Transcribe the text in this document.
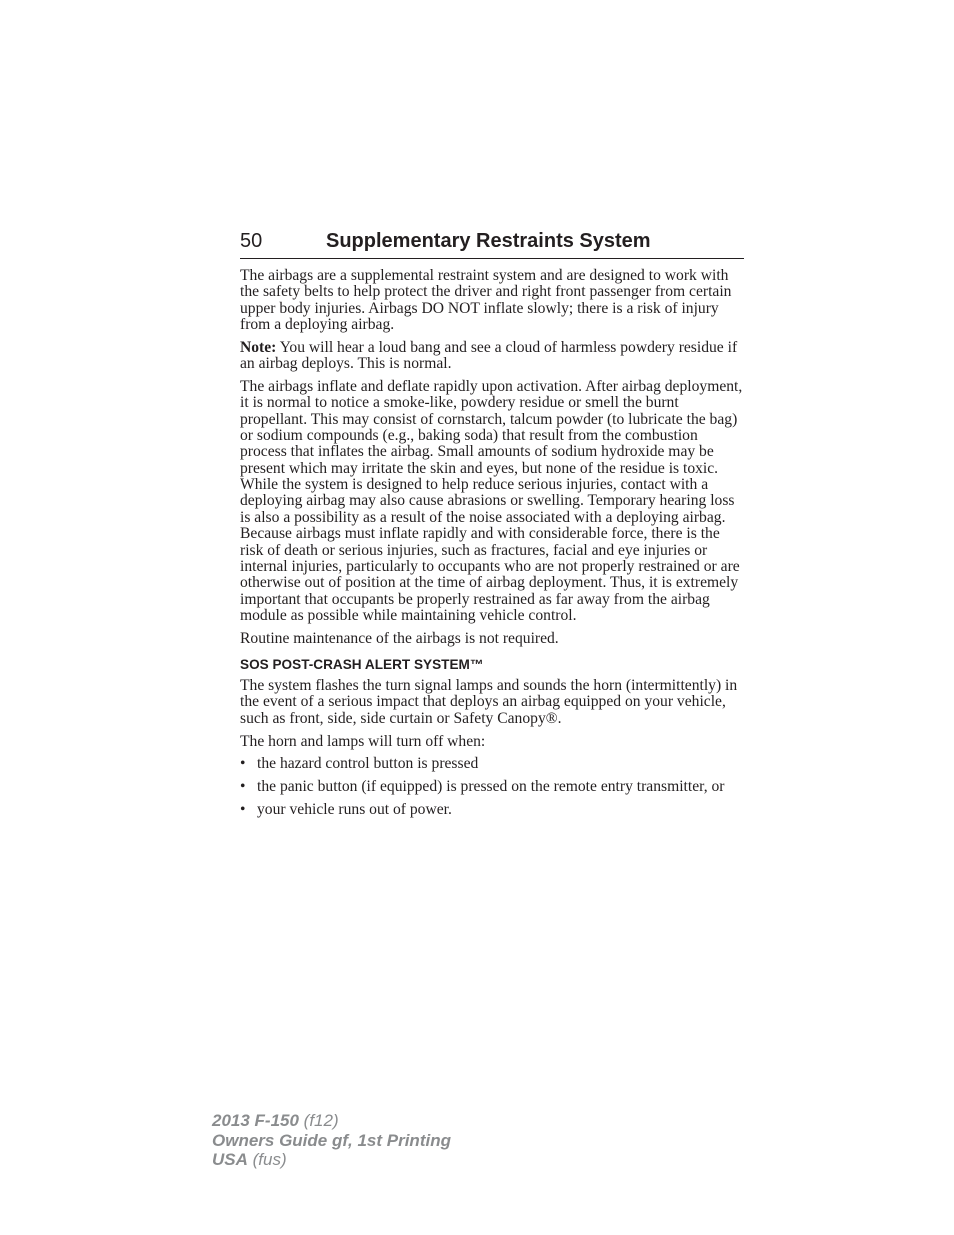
50	Supplementary Restraints System

The airbags are a supplemental restraint system and are designed to work with the safety belts to help protect the driver and right front passenger from certain upper body injuries. Airbags DO NOT inflate slowly; there is a risk of injury from a deploying airbag.

Note: You will hear a loud bang and see a cloud of harmless powdery residue if an airbag deploys. This is normal.

The airbags inflate and deflate rapidly upon activation. After airbag deployment, it is normal to notice a smoke-like, powdery residue or smell the burnt propellant. This may consist of cornstarch, talcum powder (to lubricate the bag) or sodium compounds (e.g., baking soda) that result from the combustion process that inflates the airbag. Small amounts of sodium hydroxide may be present which may irritate the skin and eyes, but none of the residue is toxic. While the system is designed to help reduce serious injuries, contact with a deploying airbag may also cause abrasions or swelling. Temporary hearing loss is also a possibility as a result of the noise associated with a deploying airbag. Because airbags must inflate rapidly and with considerable force, there is the risk of death or serious injuries, such as fractures, facial and eye injuries or internal injuries, particularly to occupants who are not properly restrained or are otherwise out of position at the time of airbag deployment. Thus, it is extremely important that occupants be properly restrained as far away from the airbag module as possible while maintaining vehicle control.

Routine maintenance of the airbags is not required.

SOS POST-CRASH ALERT SYSTEM™

The system flashes the turn signal lamps and sounds the horn (intermittently) in the event of a serious impact that deploys an airbag equipped on your vehicle, such as front, side, side curtain or Safety Canopy®.

The horn and lamps will turn off when:

• the hazard control button is pressed
• the panic button (if equipped) is pressed on the remote entry transmitter, or
• your vehicle runs out of power.
2013 F-150 (f12)
Owners Guide gf, 1st Printing
USA (fus)
